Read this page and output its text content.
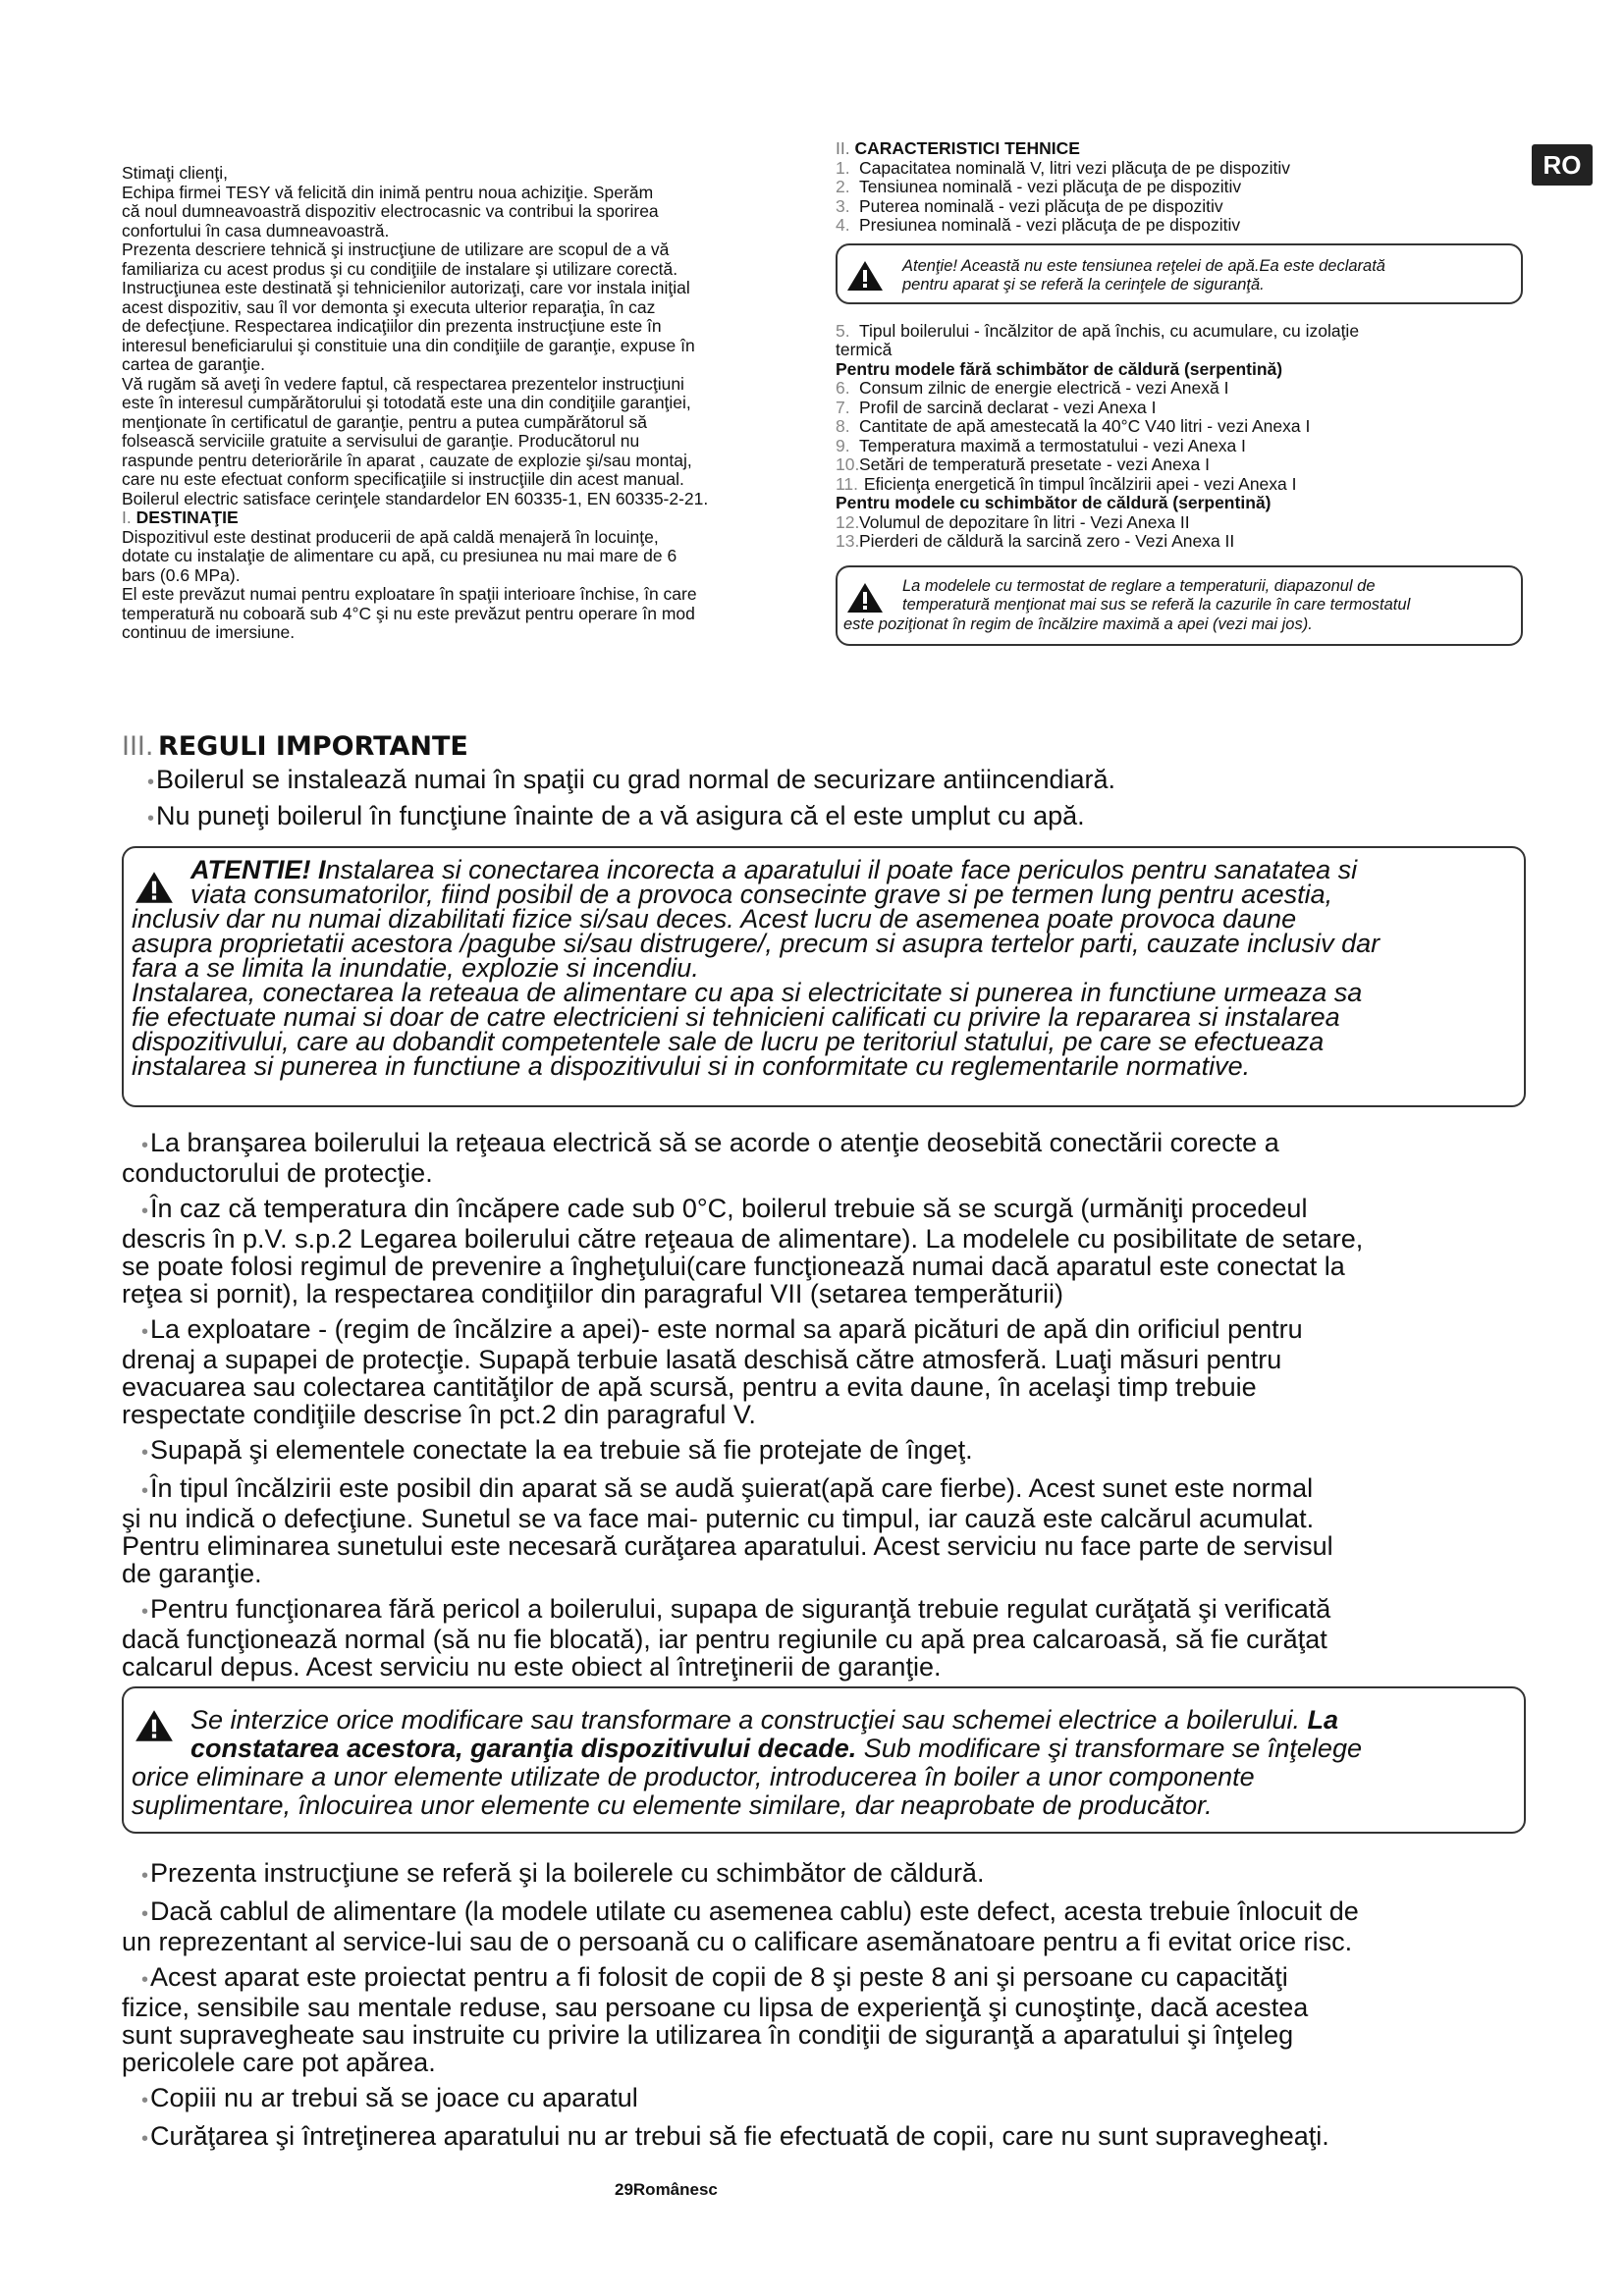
RO

Stimaţi clienţi,

Echipa firmei TESY vă felicită din inimă pentru noua achiziţie. Sperăm

că noul dumneavoastră dispozitiv electrocasnic va contribui la sporirea

confortului în casa dumneavoastră.

Prezenta descriere tehnică şi instrucţiune de utilizare are scopul de a vă

familiariza cu acest produs şi cu condiţiile de instalare şi utilizare corectă.

Instrucţiunea este destinată şi tehnicienilor autorizaţi, care vor instala iniţial

acest dispozitiv, sau îl vor demonta şi executa ulterior reparaţia, în caz

de defecţiune. Respectarea indicaţiilor din prezenta instrucţiune este în

interesul beneficiarului şi constituie una din condiţiile de garanţie, expuse în

cartea de garanţie.

Vă rugăm să aveţi în vedere faptul, că respectarea prezentelor instrucţiuni

este în interesul cumpărătorului şi totodată este una din condiţiile garanţiei,

menţionate în certificatul de garanţie, pentru a putea cumpărătorul să

folsească serviciile gratuite a servisului de garanţie. Producătorul nu

raspunde pentru deteriorările în aparat , cauzate de explozie şi/sau montaj,

care nu este efectuat conform specificaţiile si instrucţiile din acest manual.

Boilerul electric satisface cerinţele standardelor EN 60335-1, EN 60335-2-21.

I. DESTINAŢIE

Dispozitivul este destinat producerii de apă caldă menajeră în locuinţe,

dotate cu instalaţie de alimentare cu apă, cu presiunea nu mai mare de 6

bars (0.6 MPa).

El este prevăzut numai pentru exploatare în spaţii interioare închise, în care

temperatură nu coboară sub 4°C şi nu este prevăzut pentru operare în mod

continuu de imersiune.

II. CARACTERISTICI TEHNICE

1. Capacitatea nominală V, litri vezi plăcuţa de pe dispozitiv

2. Tensiunea nominală - vezi plăcuţa de pe dispozitiv

3. Puterea nominală - vezi plăcuţa de pe dispozitiv

4. Presiunea nominală - vezi plăcuţa de pe dispozitiv

Atenţie! Această nu este tensiunea reţelei de apă.Ea este declarată
pentru aparat şi se referă la cerinţele de siguranţă.

5. Tipul boilerului - încălzitor de apă închis, cu acumulare, cu izolaţie

termică

Pentru modele fără schimbător de căldură (serpentină)

6. Consum zilnic de energie electrică - vezi Anexă I

7. Profil de sarcină declarat - vezi Anexa I

8. Cantitate de apă amestecată la 40°C V40 litri - vezi Anexa I

9. Temperatura maximă a termostatului - vezi Anexa I

10.Setări de temperatură presetate - vezi Anexa I

11. Eficienţa energetică în timpul încălzirii apei - vezi Anexa I

Pentru modele cu schimbător de căldură (serpentină)

12.Volumul de depozitare în litri - Vezi Anexa II

13.Pierderi de căldură la sarcină zero - Vezi Anexa II

La modelele cu termostat de reglare a temperaturii, diapazonul de
temperatură menţionat mai sus se referă la cazurile în care termostatul
este poziţionat în regim de încălzire maximă a apei (vezi mai jos).
III. REGULI IMPORTANTE
•Boilerul se instalează numai în spaţii cu grad normal de securizare antiincendiară.
•Nu puneţi boilerul în funcţiune înainte de a vă asigura că el este umplut cu apă.
ATENTIE! Instalarea si conectarea incorecta a aparatului il poate face periculos pentru sanatatea si
viata consumatorilor, fiind posibil de a provoca consecinte grave si pe termen lung pentru acestia,
inclusiv dar nu numai dizabilitati fizice si/sau deces. Acest lucru de asemenea poate provoca daune
asupra proprietatii acestora /pagube si/sau distrugere/, precum si asupra tertelor parti, cauzate inclusiv dar
fara a se limita la inundatie, explozie si incendiu.
Instalarea, conectarea la reteaua de alimentare cu apa si electricitate si punerea in functiune urmeaza sa
fie efectuate numai si doar de catre electricieni si tehnicieni calificati cu privire la repararea si instalarea
dispozitivului, care au dobandit competentele sale de lucru pe teritoriul statului, pe care se efectueaza
instalarea si punerea in functiune a dispozitivului si in conformitate cu reglementarile normative.
•La branşarea boilerului la reţeaua electrică să se acorde o atenţie deosebită conectării corecte a
conductorului de protecţie.
•În caz că temperatura din încăpere cade sub 0°C, boilerul trebuie să se scurgă (urmăniţi procedeul
descris în p.V. s.p.2 Legarea boilerului către reţeaua de alimentare). La modelele cu posibilitate de setare,
se poate folosi regimul de prevenire a îngheţului(care funcţionează numai dacă aparatul este conectat la
reţea si pornit), la respectarea condiţiilor din paragraful VII (setarea temperăturii)
•La exploatare - (regim de încălzire a apei)- este normal sa apară picături de apă din orificiul pentru
drenaj a supapei de protecţie. Supapă terbuie lasată deschisă către atmosferă. Luaţi măsuri pentru
evacuarea sau colectarea cantităţilor de apă scursă, pentru a evita daune, în acelaşi timp trebuie
respectate condiţiile descrise în pct.2 din paragraful V.
•Supapă şi elementele conectate la ea trebuie să fie protejate de îngeţ.
•În tipul încălzirii este posibil din aparat să se audă şuierat(apă care fierbe). Acest sunet este normal
şi nu indică o defecţiune. Sunetul se va face mai- puternic cu timpul, iar cauză este calcărul acumulat.
Pentru eliminarea sunetului este necesară curăţarea aparatului. Acest serviciu nu face parte de servisul
de garanţie.
•Pentru funcţionarea fără pericol a boilerului, supapa de siguranţă trebuie regulat curăţată şi verificată
dacă funcţionează normal (să nu fie blocată), iar pentru regiunile cu apă prea calcaroasă, să fie curăţat
calcarul depus. Acest serviciu nu este obiect al întreţinerii de garanţie.
Se interzice orice modificare sau transformare a construcţiei sau schemei electrice a boilerului. La
constatarea acestora, garanţia dispozitivului decade. Sub modificare şi transformare se înţelege
orice eliminare a unor elemente utilizate de productor, introducerea în boiler a unor componente
suplimentare, înlocuirea unor elemente cu elemente similare, dar neaprobate de producător.
•Prezenta instrucţiune se referă şi la boilerele cu schimbător de căldură.
•Dacă cablul de alimentare (la modele utilate cu asemenea cablu) este defect, acesta trebuie înlocuit de
un reprezentant al service-lui sau de o persoană cu o calificare asemănatoare pentru a fi evitat orice risc.
•Acest aparat este proiectat pentru a fi folosit de copii de 8 şi peste 8 ani şi persoane cu capacităţi
fizice, sensibile sau mentale reduse, sau persoane cu lipsa de experienţă şi cunoştinţe, dacă acestea
sunt supravegheate sau instruite cu privire la utilizarea în condiţii de siguranţă a aparatului şi înţeleg
pericolele care pot apărea.
•Copiii nu ar trebui să se joace cu aparatul
•Curăţarea şi întreţinerea aparatului nu ar trebui să fie efectuată de copii, care nu sunt supravegheaţi.
29Românesc
